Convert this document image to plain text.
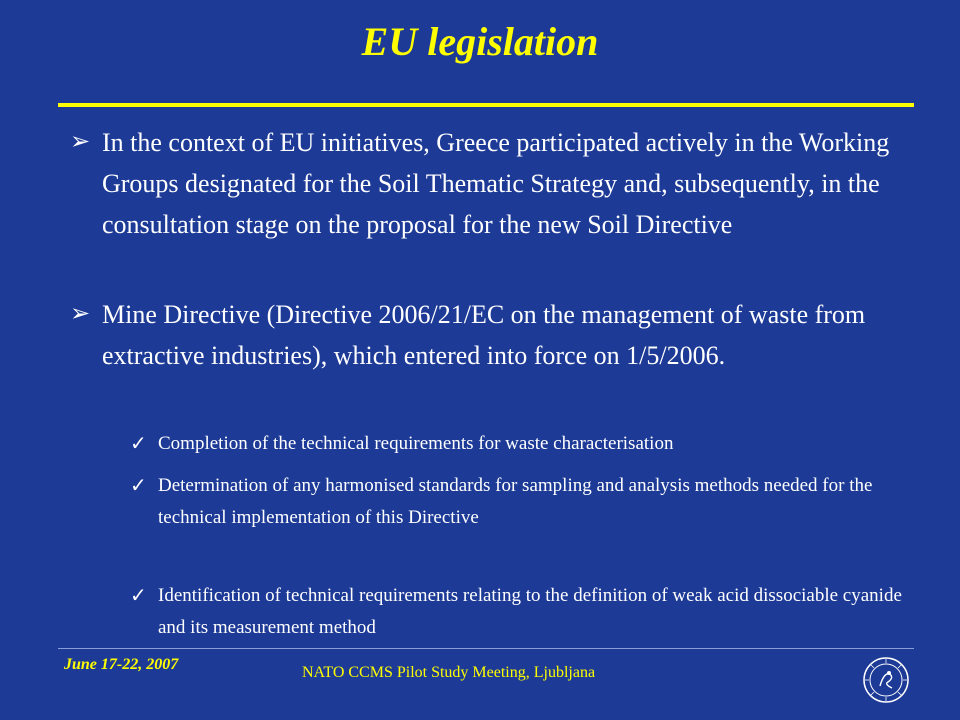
EU legislation
➢ In the context of EU initiatives, Greece participated actively in the Working Groups designated for the Soil Thematic Strategy and, subsequently, in the consultation stage on the proposal for the new Soil Directive
➢ Mine Directive (Directive 2006/21/EC on the management of waste from extractive industries), which entered into force on 1/5/2006.
✓ Completion of the technical requirements for waste characterisation
✓ Determination of any harmonised standards for sampling and analysis methods needed for the technical implementation of this Directive
✓ Identification of technical requirements relating to the definition of weak acid dissociable cyanide and its measurement method
June 17-22, 2007	NATO CCMS Pilot Study Meeting, Ljubljana
